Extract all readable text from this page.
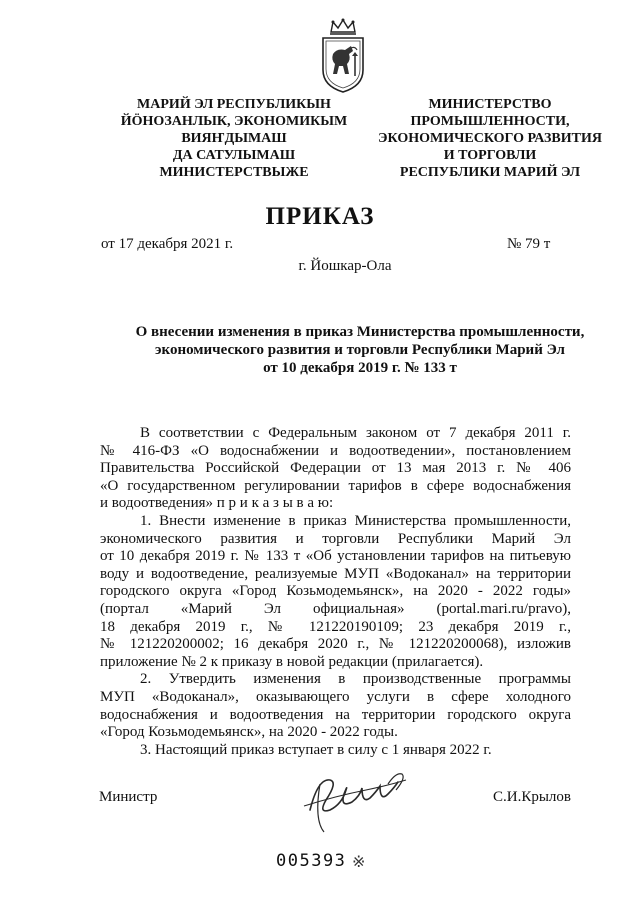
МАРИЙ ЭЛ РЕСПУБЛИКЫН
ЙӦНОЗАНЛЫК, ЭКОНОМИКЫМ
ВИЯҤДЫМАШ
ДА САТУЛЫМАШ
МИНИСТЕРСТВЫЖЕ
МИНИСТЕРСТВО
ПРОМЫШЛЕННОСТИ,
ЭКОНОМИЧЕСКОГО РАЗВИТИЯ
И ТОРГОВЛИ
РЕСПУБЛИКИ МАРИЙ ЭЛ
ПРИКАЗ
от 17 декабря 2021 г.	№ 79 т
г. Йошкар-Ола
О внесении изменения в приказ Министерства промышленности,
экономического развития и торговли Республики Марий Эл
от 10 декабря 2019 г. № 133 т

В соответствии с Федеральным законом от 7 декабря 2011 г.
№ 416-ФЗ «О водоснабжении и водоотведении», постановлением
Правительства Российской Федерации от 13 мая 2013 г. № 406
«О государственном регулировании тарифов в сфере водоснабжения
и водоотведения» п р и к а з ы в а ю:

1. Внести изменение в приказ Министерства промышленности,
экономического развития и торговли Республики Марий Эл
от 10 декабря 2019 г. № 133 т «Об установлении тарифов на питьевую
воду и водоотведение, реализуемые МУП «Водоканал» на территории
городского округа «Город Козьмодемьянск», на 2020 - 2022 годы»
(портал «Марий Эл официальная» (portal.mari.ru/pravo),
18 декабря 2019 г., № 121220190109; 23 декабря 2019 г.,
№ 121220200002; 16 декабря 2020 г., № 121220200068), изложив
приложение № 2 к приказу в новой редакции (прилагается).

2. Утвердить изменения в производственные программы
МУП «Водоканал», оказывающего услуги в сфере холодного
водоснабжения и водоотведения на территории городского округа
«Город Козьмодемьянск», на 2020 - 2022 годы.

3. Настоящий приказ вступает в силу с 1 января 2022 г.

Министр	С.И.Крылов
005393 ※
